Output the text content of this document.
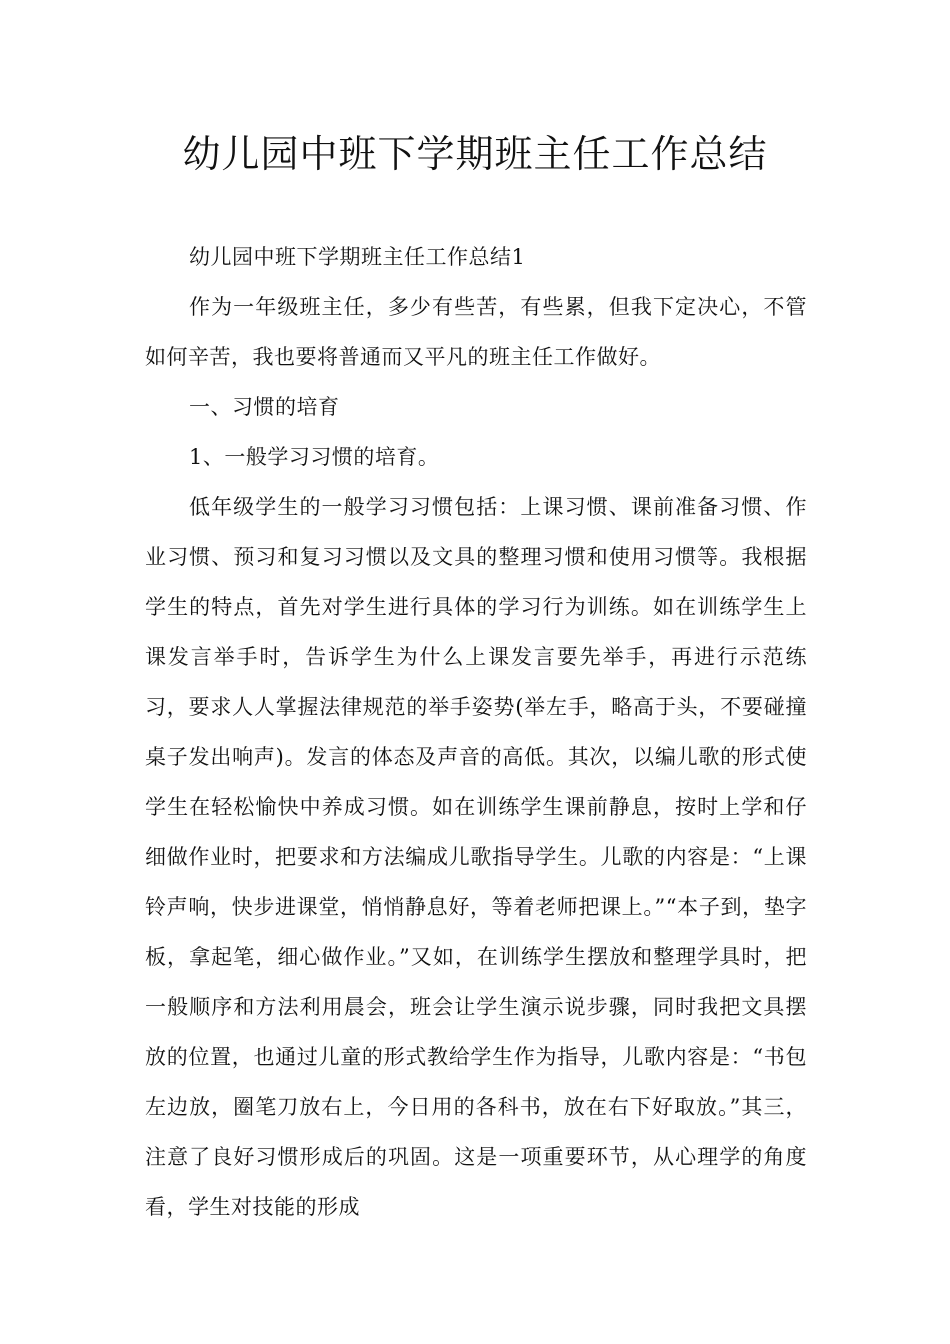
幼儿园中班下学期班主任工作总结

幼儿园中班下学期班主任工作总结1

作为一年级班主任，多少有些苦，有些累，但我下定决心，不管如何辛苦，我也要将普通而又平凡的班主任工作做好。

一、习惯的培育

1、一般学习习惯的培育。

低年级学生的一般学习习惯包括：上课习惯、课前准备习惯、作业习惯、预习和复习习惯以及文具的整理习惯和使用习惯等。我根据学生的特点，首先对学生进行具体的学习行为训练。如在训练学生上课发言举手时，告诉学生为什么上课发言要先举手，再进行示范练习，要求人人掌握法律规范的举手姿势(举左手，略高于头，不要碰撞桌子发出响声)。发言的体态及声音的高低。其次，以编儿歌的形式使学生在轻松愉快中养成习惯。如在训练学生课前静息，按时上学和仔细做作业时，把要求和方法编成儿歌指导学生。儿歌的内容是：“上课铃声响，快步进课堂，悄悄静息好，等着老师把课上。”“本子到，垫字板，拿起笔，细心做作业。”又如，在训练学生摆放和整理学具时，把一般顺序和方法利用晨会，班会让学生演示说步骤，同时我把文具摆放的位置，也通过儿童的形式教给学生作为指导，儿歌内容是：“书包左边放，圈笔刀放右上，今日用的各科书，放在右下好取放。”其三，注意了良好习惯形成后的巩固。这是一项重要环节，从心理学的角度看，学生对技能的形成
